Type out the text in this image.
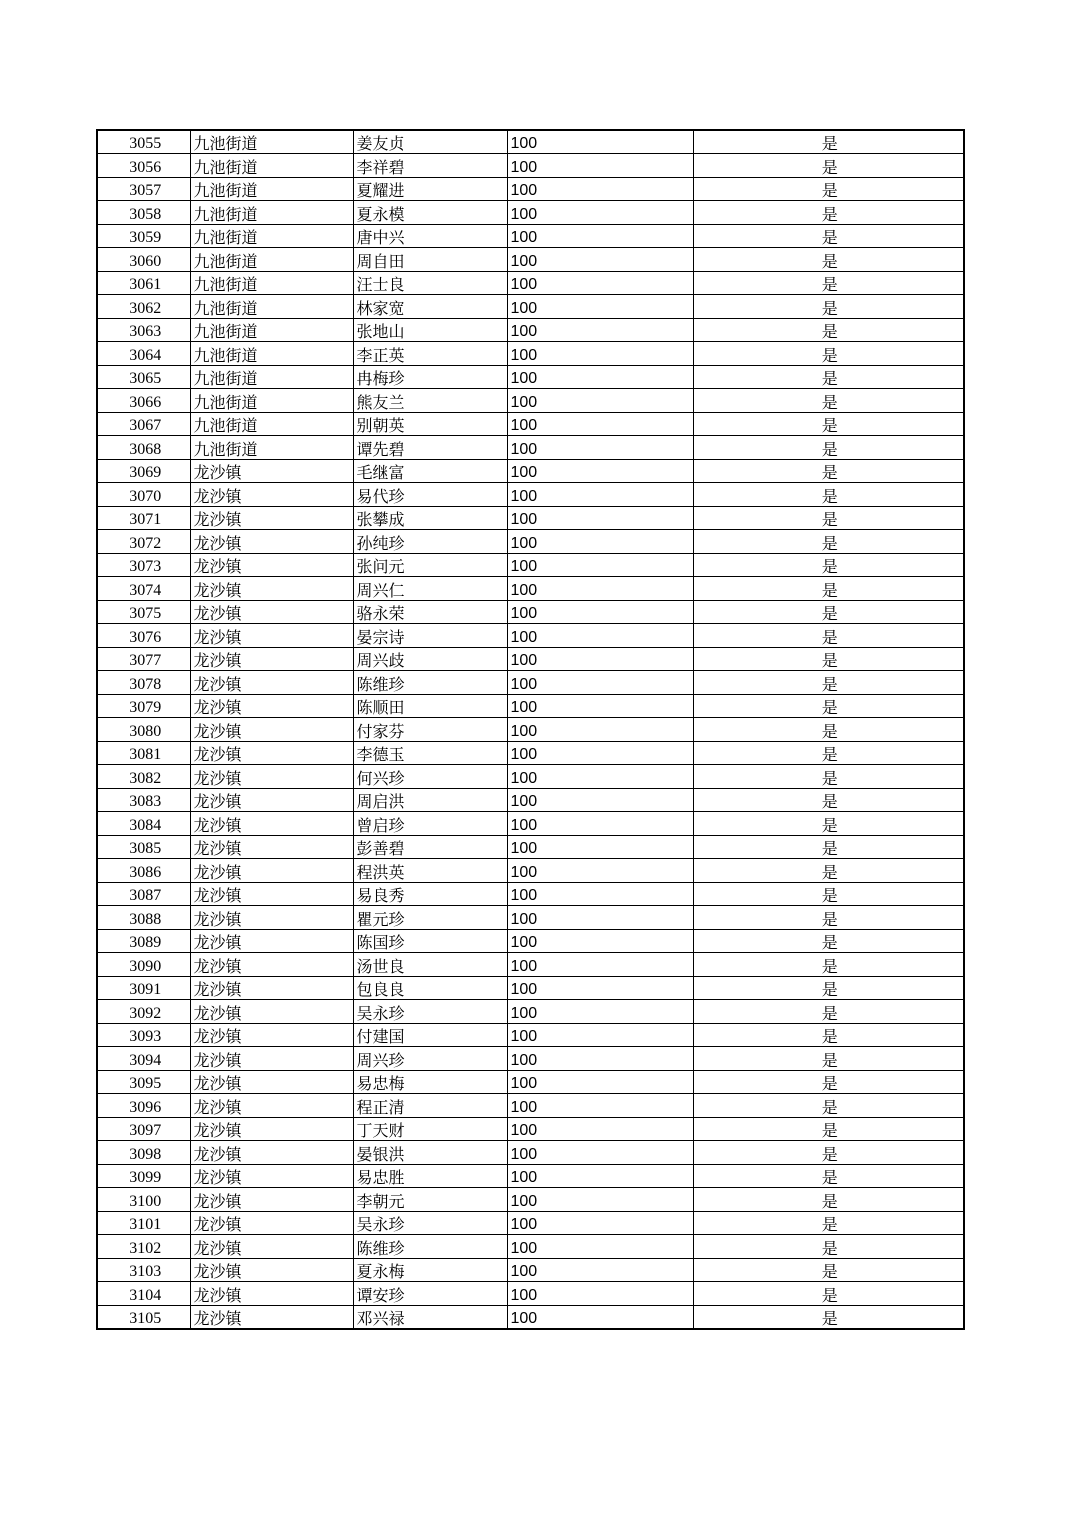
3055	九池街道	姜友贞	100	是
3056	九池街道	李祥碧	100	是
3057	九池街道	夏耀进	100	是
3058	九池街道	夏永模	100	是
3059	九池街道	唐中兴	100	是
3060	九池街道	周自田	100	是
3061	九池街道	汪士良	100	是
3062	九池街道	林家宽	100	是
3063	九池街道	张地山	100	是
3064	九池街道	李正英	100	是
3065	九池街道	冉梅珍	100	是
3066	九池街道	熊友兰	100	是
3067	九池街道	别朝英	100	是
3068	九池街道	谭先碧	100	是
3069	龙沙镇	毛继富	100	是
3070	龙沙镇	易代珍	100	是
3071	龙沙镇	张攀成	100	是
3072	龙沙镇	孙纯珍	100	是
3073	龙沙镇	张问元	100	是
3074	龙沙镇	周兴仁	100	是
3075	龙沙镇	骆永荣	100	是
3076	龙沙镇	晏宗诗	100	是
3077	龙沙镇	周兴歧	100	是
3078	龙沙镇	陈维珍	100	是
3079	龙沙镇	陈顺田	100	是
3080	龙沙镇	付家芬	100	是
3081	龙沙镇	李德玉	100	是
3082	龙沙镇	何兴珍	100	是
3083	龙沙镇	周启洪	100	是
3084	龙沙镇	曾启珍	100	是
3085	龙沙镇	彭善碧	100	是
3086	龙沙镇	程洪英	100	是
3087	龙沙镇	易良秀	100	是
3088	龙沙镇	瞿元珍	100	是
3089	龙沙镇	陈国珍	100	是
3090	龙沙镇	汤世良	100	是
3091	龙沙镇	包良良	100	是
3092	龙沙镇	吴永珍	100	是
3093	龙沙镇	付建国	100	是
3094	龙沙镇	周兴珍	100	是
3095	龙沙镇	易忠梅	100	是
3096	龙沙镇	程正清	100	是
3097	龙沙镇	丁天财	100	是
3098	龙沙镇	晏银洪	100	是
3099	龙沙镇	易忠胜	100	是
3100	龙沙镇	李朝元	100	是
3101	龙沙镇	吴永珍	100	是
3102	龙沙镇	陈维珍	100	是
3103	龙沙镇	夏永梅	100	是
3104	龙沙镇	谭安珍	100	是
3105	龙沙镇	邓兴禄	100	是
